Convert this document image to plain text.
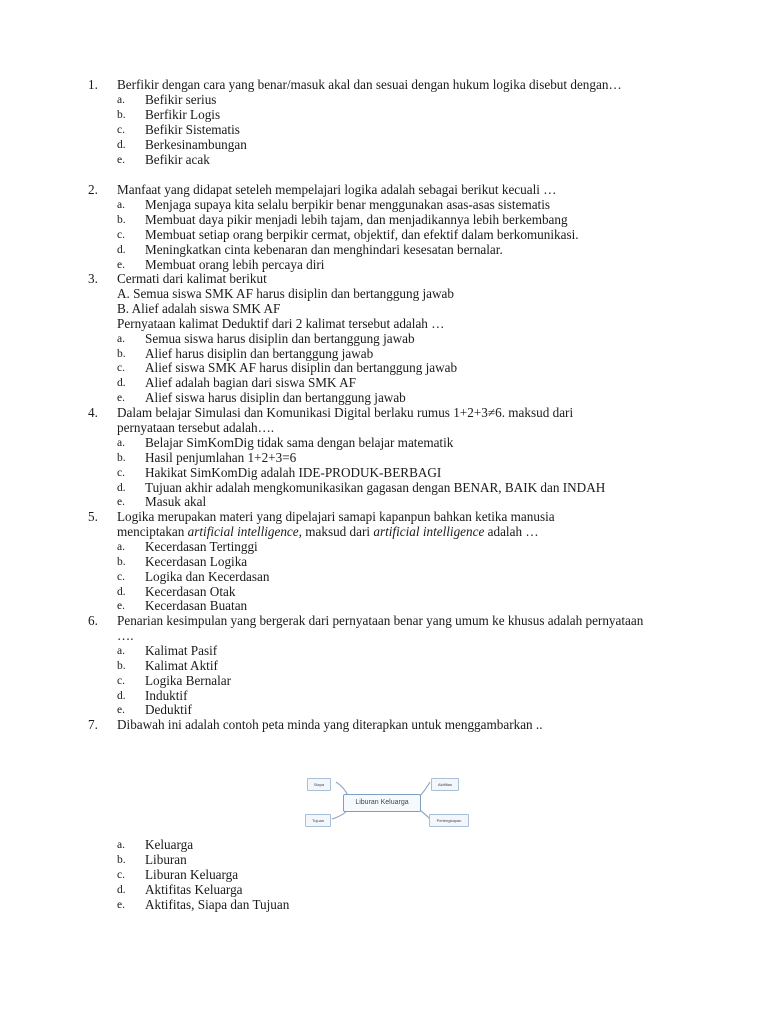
1. Berfikir dengan cara yang benar/masuk akal dan sesuai dengan hukum logika disebut dengan…
a. Befikir serius
b. Berfikir Logis
c. Befikir Sistematis
d. Berkesinambungan
e. Befikir acak
2. Manfaat yang didapat seteleh mempelajari logika adalah sebagai berikut kecuali …
a. Menjaga supaya kita selalu berpikir benar menggunakan asas-asas sistematis
b. Membuat daya pikir menjadi lebih tajam, dan menjadikannya lebih berkembang
c. Membuat setiap orang berpikir cermat, objektif, dan efektif dalam berkomunikasi.
d. Meningkatkan cinta kebenaran dan menghindari kesesatan bernalar.
e. Membuat orang lebih percaya diri
3. Cermati dari kalimat berikut
A. Semua siswa SMK AF harus disiplin dan bertanggung jawab
B. Alief adalah siswa SMK AF
Pernyataan kalimat Deduktif dari 2 kalimat tersebut adalah …
a. Semua siswa harus disiplin dan bertanggung jawab
b. Alief harus disiplin dan bertanggung jawab
c. Alief siswa SMK AF harus disiplin dan bertanggung jawab
d. Alief adalah bagian dari siswa SMK AF
e. Alief siswa harus disiplin dan bertanggung jawab
4. Dalam belajar Simulasi dan Komunikasi Digital berlaku rumus 1+2+3≠6. maksud dari pernyataan tersebut adalah….
a. Belajar SimKomDig tidak sama dengan belajar matematik
b. Hasil penjumlahan 1+2+3=6
c. Hakikat SimKomDig adalah IDE-PRODUK-BERBAGI
d. Tujuan akhir adalah mengkomunikasikan gagasan dengan BENAR, BAIK dan INDAH
e. Masuk akal
5. Logika merupakan materi yang dipelajari samapi kapanpun bahkan ketika manusia
menciptakan artificial intelligence, maksud dari artificial intelligence adalah …
a. Kecerdasan Tertinggi
b. Kecerdasan Logika
c. Logika dan Kecerdasan
d. Kecerdasan Otak
e. Kecerdasan Buatan
6. Penarian kesimpulan yang bergerak dari pernyataan benar yang umum ke khusus adalah pernyataan ….
a. Kalimat Pasif
b. Kalimat Aktif
c. Logika Bernalar
d. Induktif
e. Deduktif
7. Dibawah ini adalah contoh peta minda yang diterapkan untuk menggambarkan ..
Siapa	Aktifitas
Liburan Keluarga
Tujuan	Perlengkapan
a. Keluarga
b. Liburan
c. Liburan Keluarga
d. Aktifitas Keluarga
e. Aktifitas, Siapa dan Tujuan
